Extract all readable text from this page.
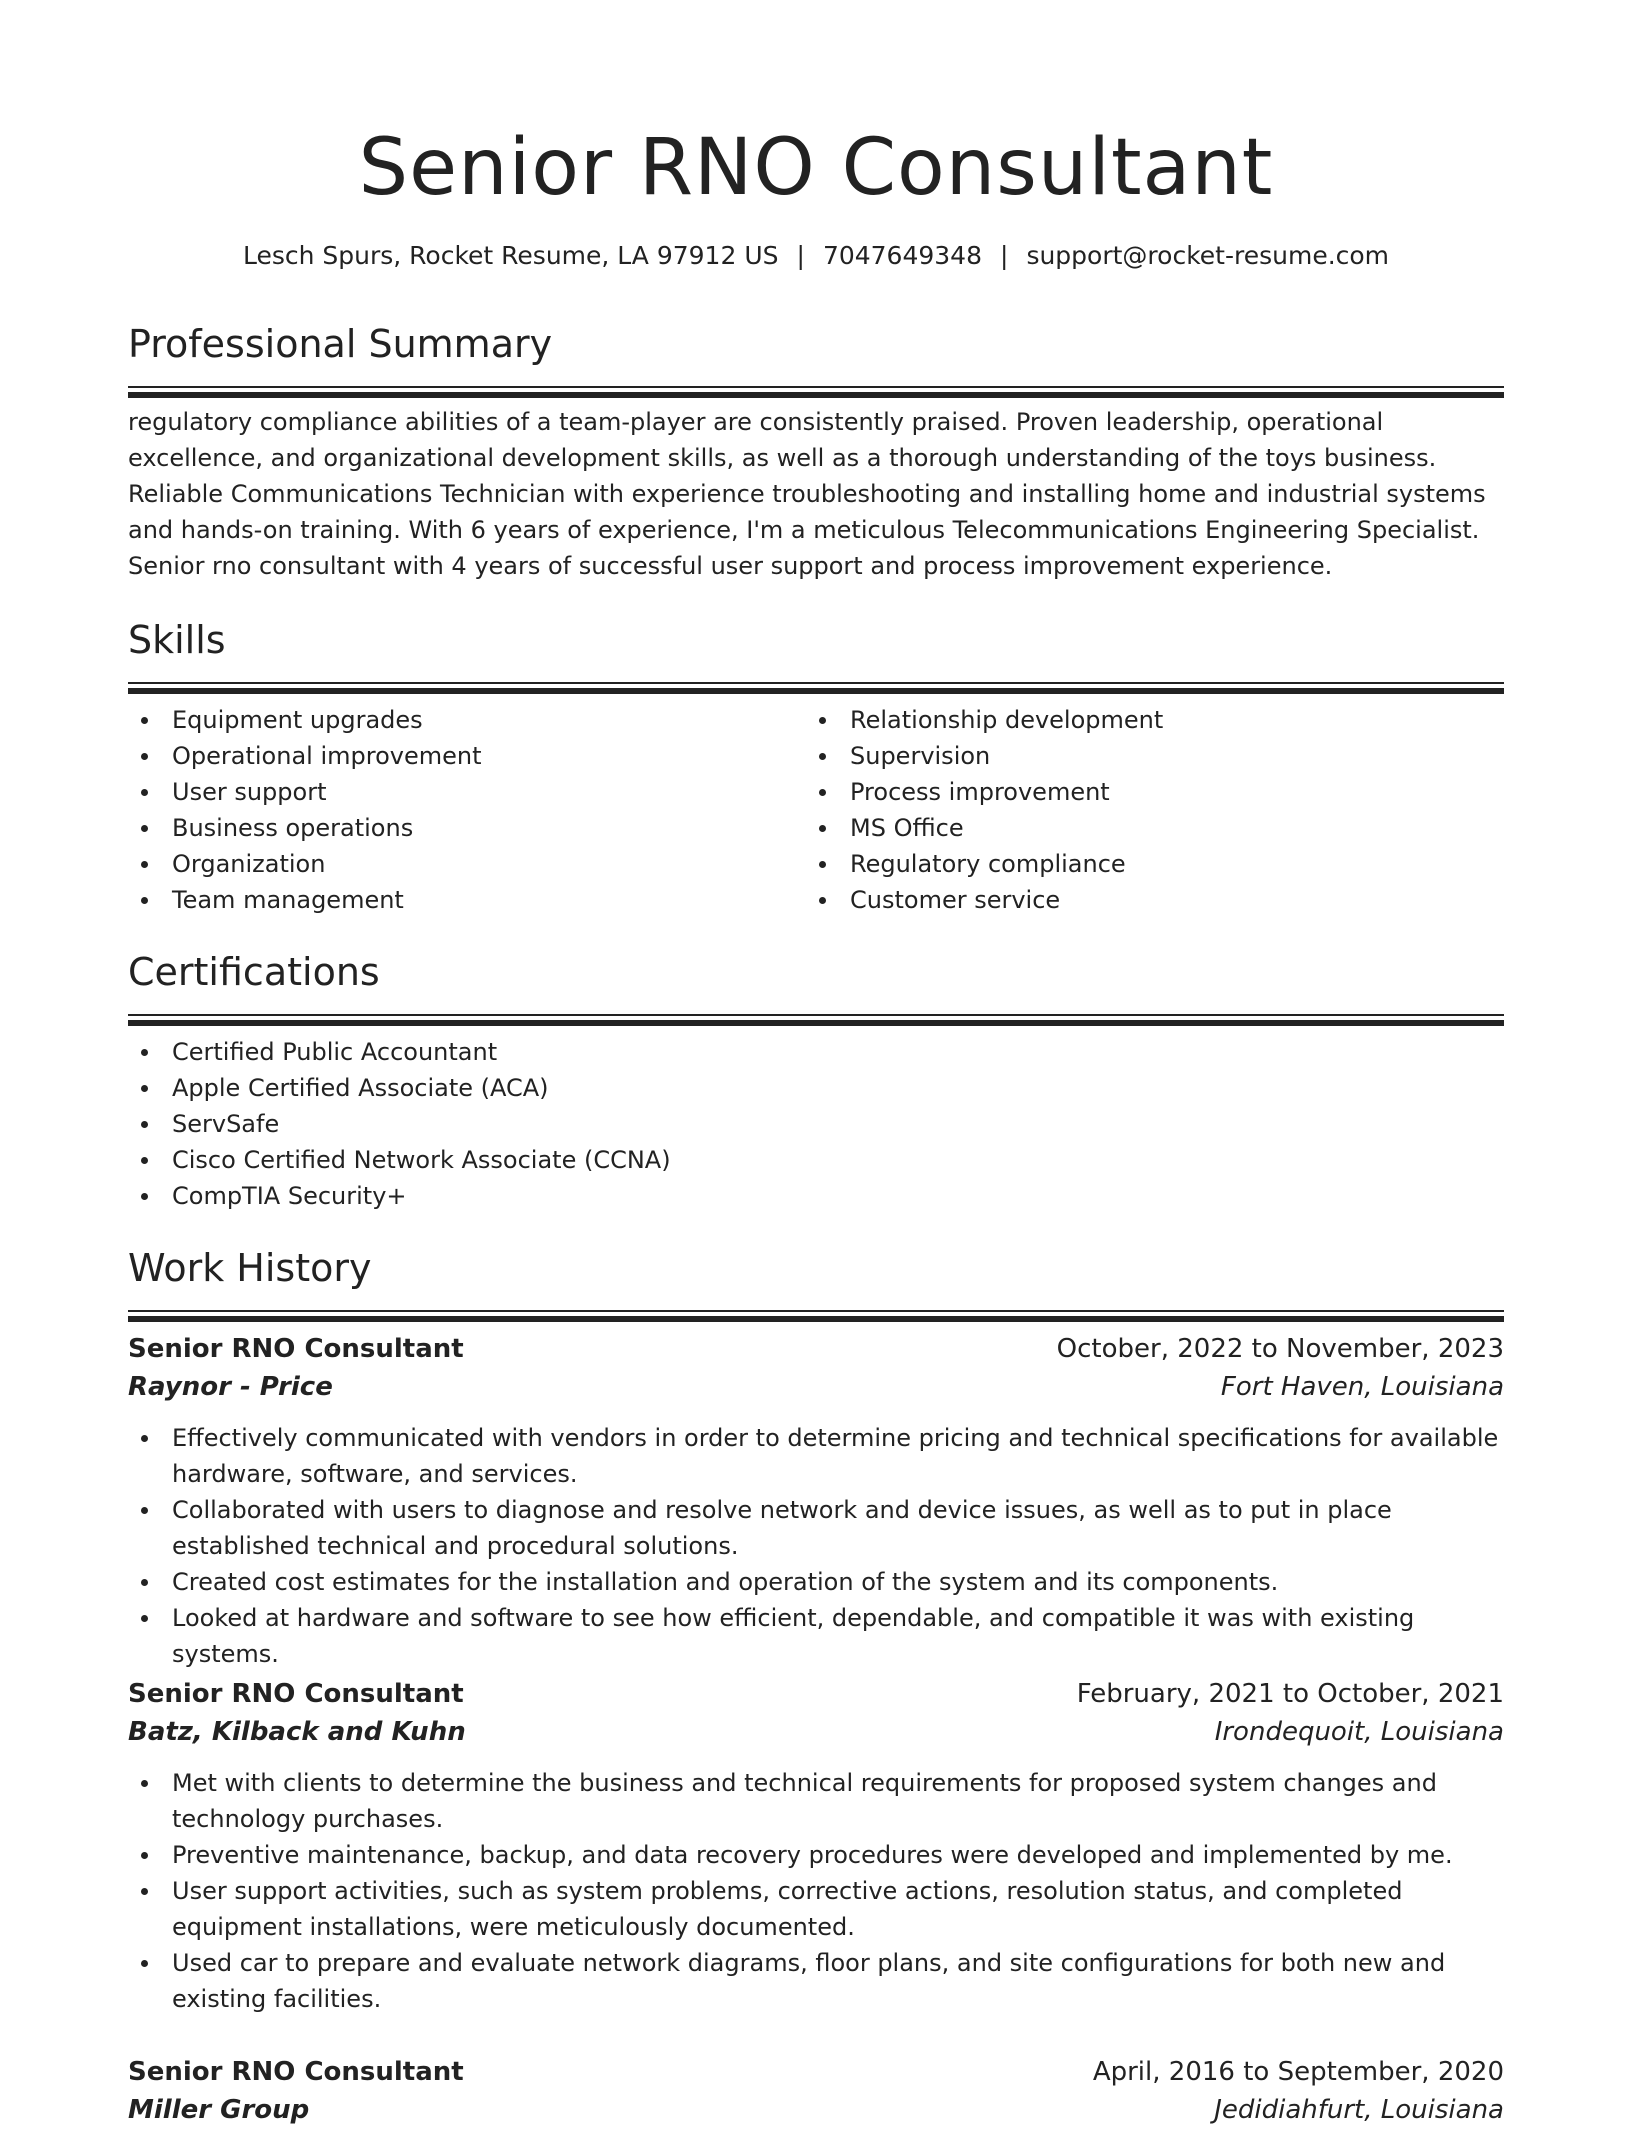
Senior RNO Consultant
Lesch Spurs, Rocket Resume, LA 97912 US | 7047649348 | support@rocket-resume.com
Professional Summary

regulatory compliance abilities of a team-player are consistently praised. Proven leadership, operational excellence, and organizational development skills, as well as a thorough understanding of the toys business. Reliable Communications Technician with experience troubleshooting and installing home and industrial systems and hands-on training. With 6 years of experience, I'm a meticulous Telecommunications Engineering Specialist. Senior rno consultant with 4 years of successful user support and process improvement experience.

Skills
Equipment upgrades
Operational improvement
User support
Business operations
Organization
Team management
Relationship development
Supervision
Process improvement
MS Office
Regulatory compliance
Customer service
Certifications
Certified Public Accountant
Apple Certified Associate (ACA)
ServSafe
Cisco Certified Network Associate (CCNA)
CompTIA Security+
Work History
Senior RNO Consultant	October, 2022 to November, 2023
Raynor - Price	Fort Haven, Louisiana
Effectively communicated with vendors in order to determine pricing and technical specifications for available hardware, software, and services.
Collaborated with users to diagnose and resolve network and device issues, as well as to put in place established technical and procedural solutions.
Created cost estimates for the installation and operation of the system and its components.
Looked at hardware and software to see how efficient, dependable, and compatible it was with existing systems.
Senior RNO Consultant	February, 2021 to October, 2021
Batz, Kilback and Kuhn	Irondequoit, Louisiana
Met with clients to determine the business and technical requirements for proposed system changes and technology purchases.
Preventive maintenance, backup, and data recovery procedures were developed and implemented by me.
User support activities, such as system problems, corrective actions, resolution status, and completed equipment installations, were meticulously documented.
Used car to prepare and evaluate network diagrams, floor plans, and site configurations for both new and existing facilities.
Senior RNO Consultant	April, 2016 to September, 2020
Miller Group	Jedidiahfurt, Louisiana
